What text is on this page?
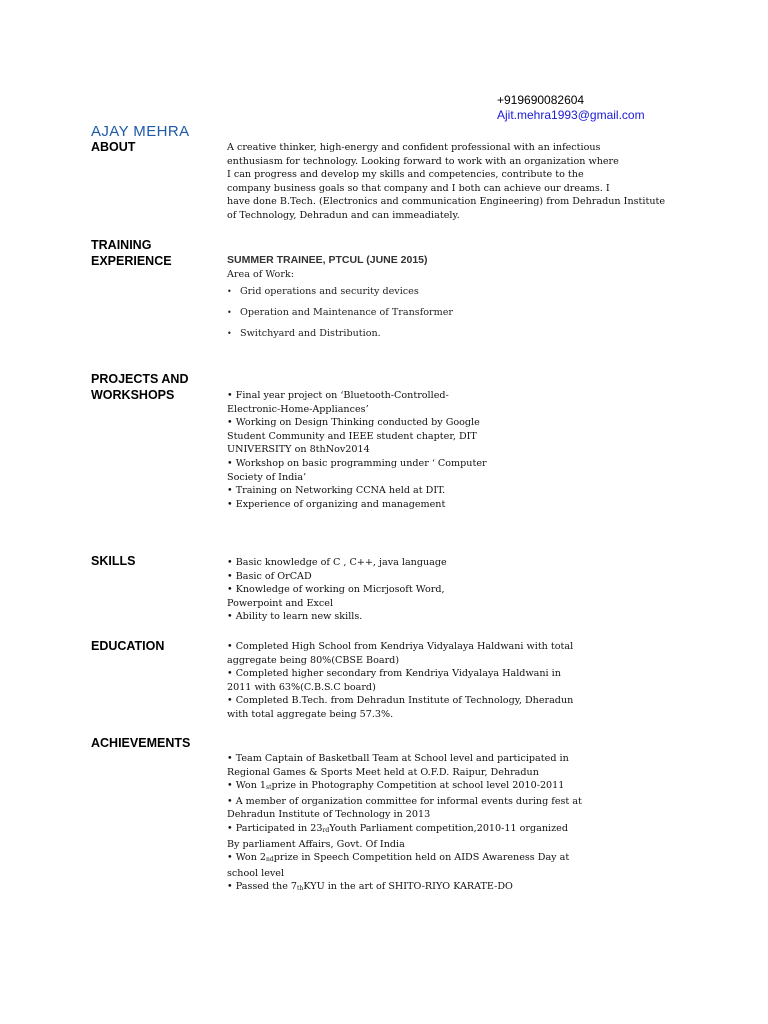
+919690082604
Ajit.mehra1993@gmail.com
AJAY MEHRA
ABOUT	A creative thinker, high-energy and confident professional with an infectious
enthusiasm for technology. Looking forward to work with an organization where
I can progress and develop my skills and competencies, contribute to the
company business goals so that company and I both can achieve our dreams. I
have done B.Tech. (Electronics and communication Engineering) from Dehradun Institute
of Technology, Dehradun and can immeadiately.
TRAINING
EXPERIENCE	SUMMER TRAINEE, PTCUL (JUNE 2015)
Area of Work:
• Grid operations and security devices
• Operation and Maintenance of Transformer
• Switchyard and Distribution.
PROJECTS AND
WORKSHOPS	• Final year project on ‘Bluetooth-Controlled-
Electronic-Home-Appliances’
• Working on Design Thinking conducted by Google
Student Community and IEEE student chapter, DIT
UNIVERSITY on 8thNov2014
• Workshop on basic programming under ‘ Computer
Society of India’
• Training on Networking CCNA held at DIT.
• Experience of organizing and management
SKILLS	• Basic knowledge of C , C++, java language
• Basic of OrCAD
• Knowledge of working on Micrjosoft Word,
Powerpoint and Excel
• Ability to learn new skills.
EDUCATION	• Completed High School from Kendriya Vidyalaya Haldwani with total
aggregate being 80%(CBSE Board)
• Completed higher secondary from Kendriya Vidyalaya Haldwani in
2011 with 63%(C.B.S.C board)
• Completed B.Tech. from Dehradun Institute of Technology, Dheradun
with total aggregate being 57.3%.
ACHIEVEMENTS
• Team Captain of Basketball Team at School level and participated in
Regional Games & Sports Meet held at O.F.D. Raipur, Dehradun
• Won $1_{st}prize$ in Photography Competition at school level 2010-2011
• A member of organization committee for informal events during fest at
Dehradun Institute of Technology in 2013
• Participated in $23_{rd}Youth$ Parliament competition,2010-11 organized
By parliament Affairs, Govt. Of India
• Won $2_{nd}prize$ in Speech Competition held on AIDS Awareness Day at
school level
• Passed the $7_{th}KYU$ in the art of SHITO-RIYO KARATE-DO
